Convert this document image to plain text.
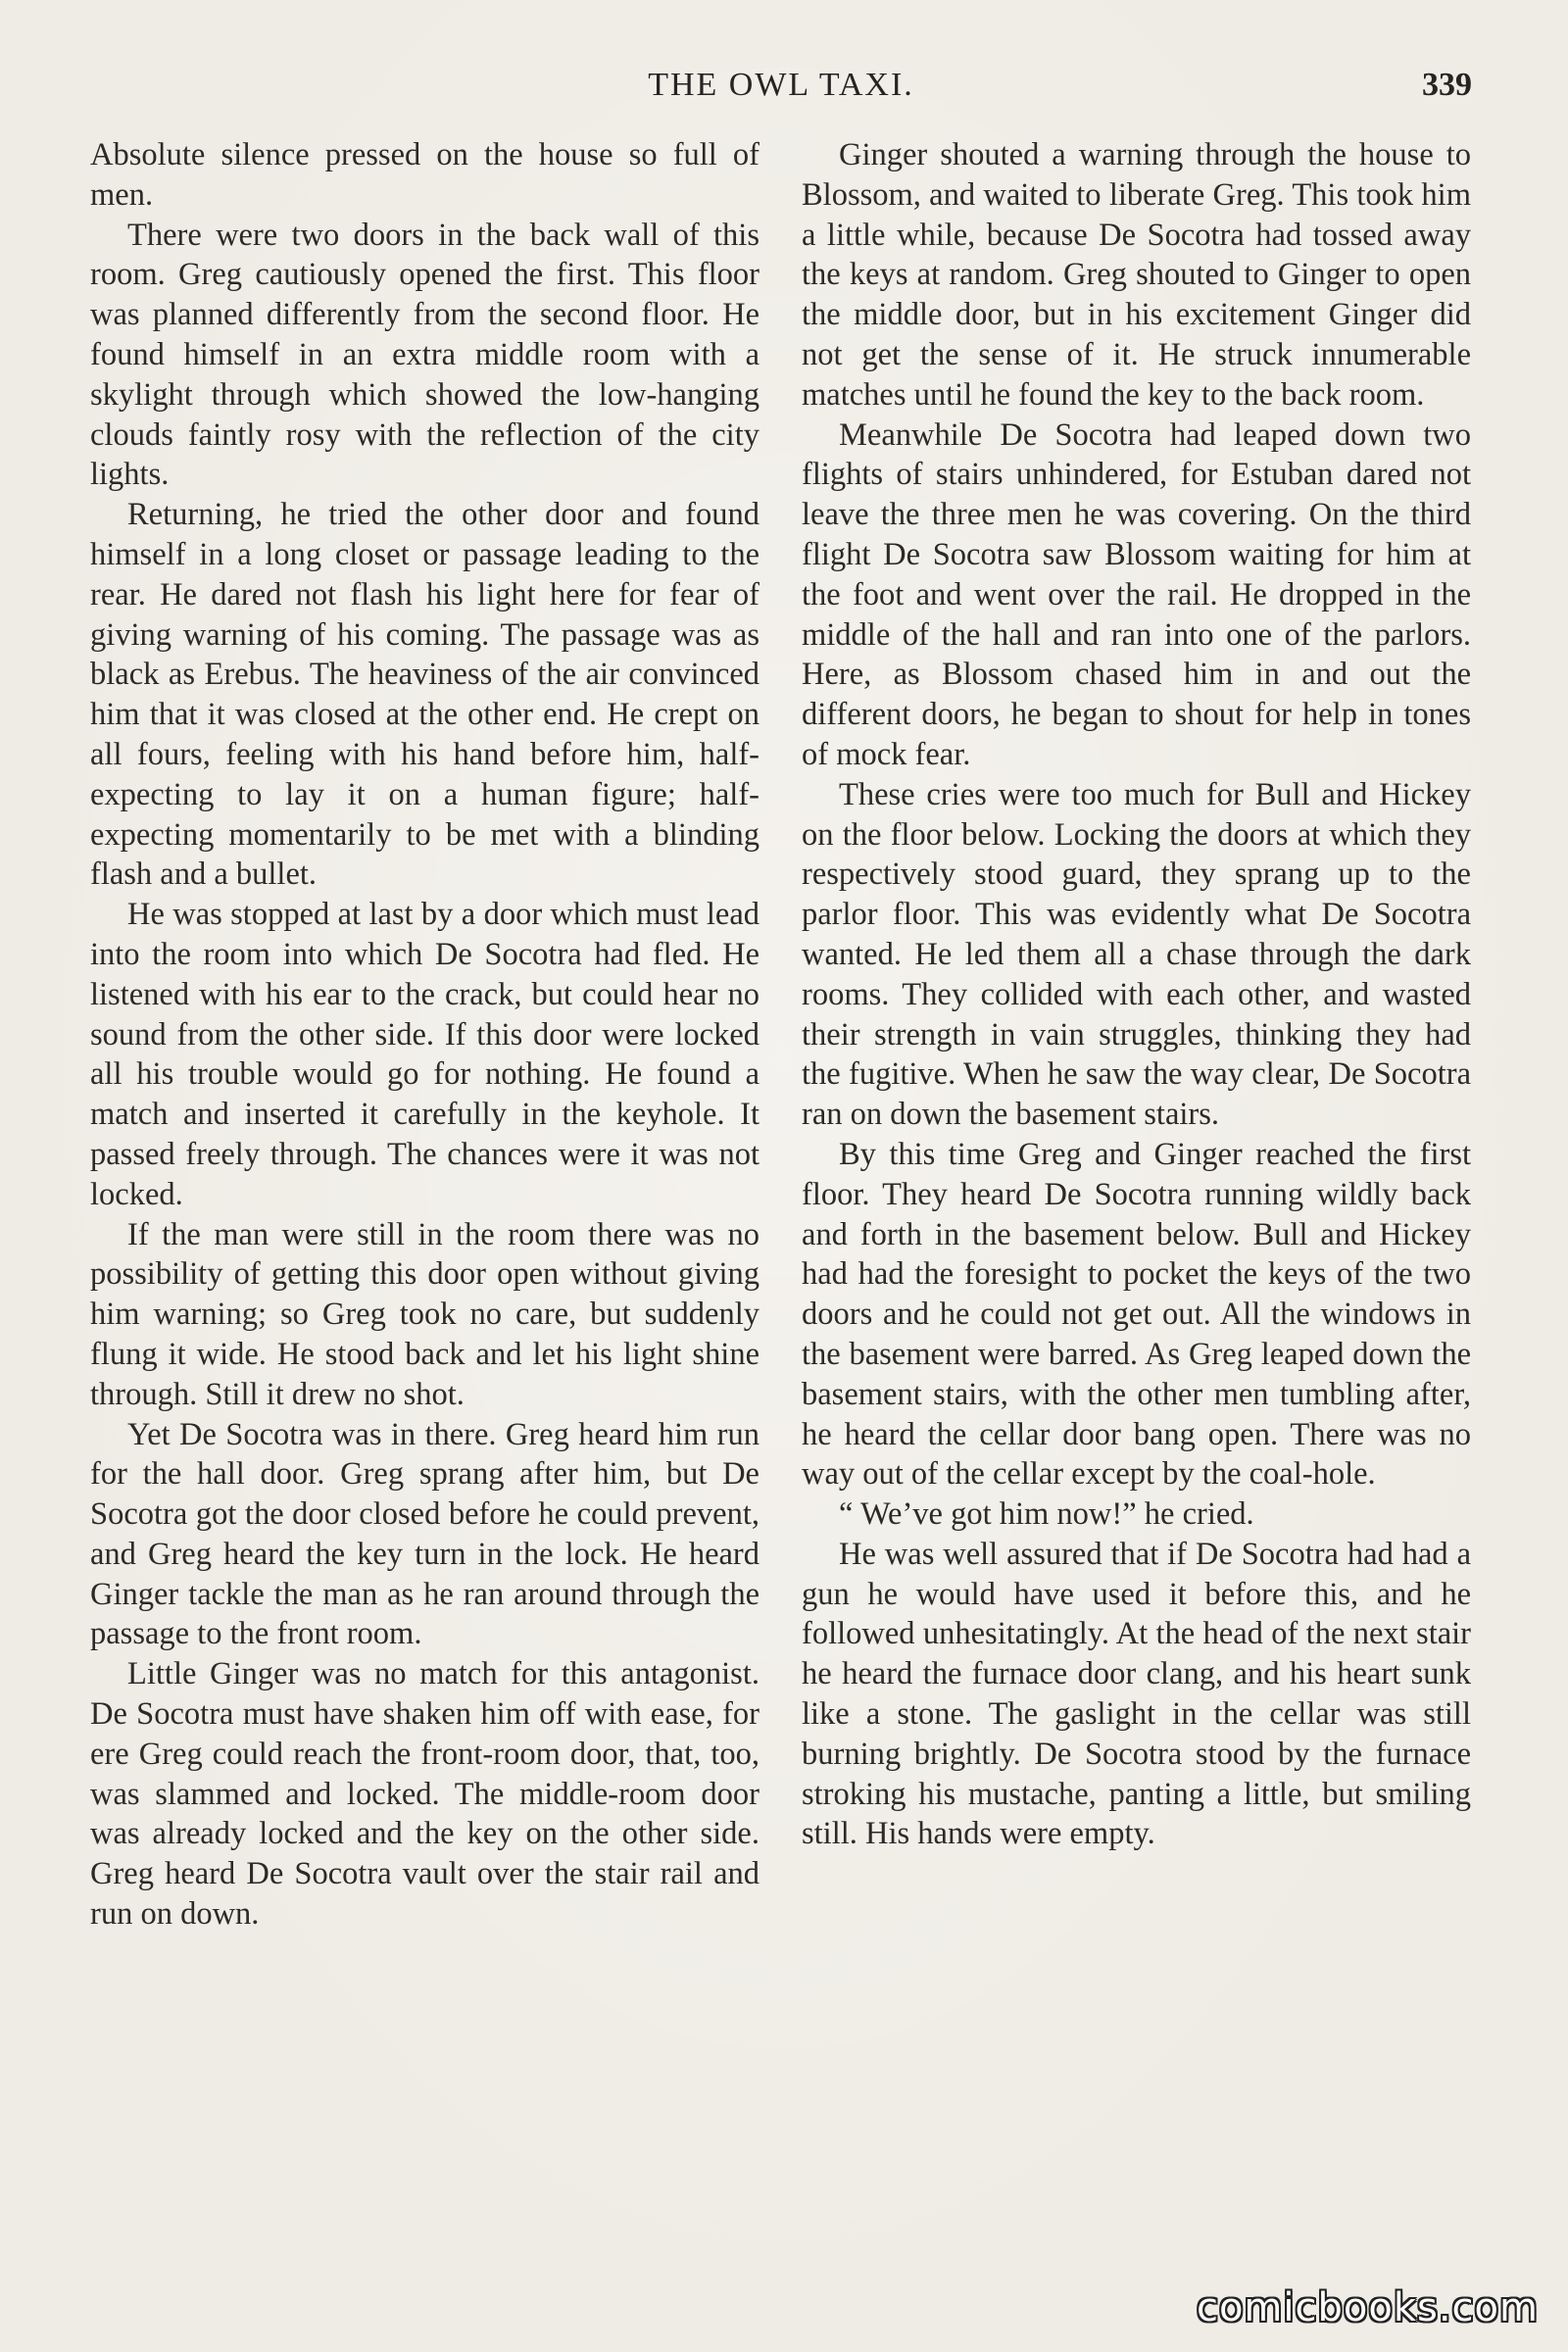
THE OWL TAXI.	339

Absolute silence pressed on the house so full of men.

There were two doors in the back wall of this room. Greg cautiously opened the first. This floor was planned differently from the second floor. He found himself in an extra middle room with a skylight through which showed the low-hanging clouds faintly rosy with the reflection of the city lights.

Returning, he tried the other door and found himself in a long closet or passage leading to the rear. He dared not flash his light here for fear of giving warning of his coming. The passage was as black as Erebus. The heaviness of the air convinced him that it was closed at the other end. He crept on all fours, feeling with his hand before him, half-expecting to lay it on a human figure; half-expecting momentarily to be met with a blinding flash and a bullet.

He was stopped at last by a door which must lead into the room into which De Socotra had fled. He listened with his ear to the crack, but could hear no sound from the other side. If this door were locked all his trouble would go for nothing. He found a match and inserted it carefully in the keyhole. It passed freely through. The chances were it was not locked.

If the man were still in the room there was no possibility of getting this door open without giving him warning; so Greg took no care, but suddenly flung it wide. He stood back and let his light shine through. Still it drew no shot.

Yet De Socotra was in there. Greg heard him run for the hall door. Greg sprang after him, but De Socotra got the door closed before he could prevent, and Greg heard the key turn in the lock. He heard Ginger tackle the man as he ran around through the passage to the front room.

Little Ginger was no match for this antagonist. De Socotra must have shaken him off with ease, for ere Greg could reach the front-room door, that, too, was slammed and locked. The middle-room door was already locked and the key on the other side. Greg heard De Socotra vault over the stair rail and run on down.

Ginger shouted a warning through the house to Blossom, and waited to liberate Greg. This took him a little while, because De Socotra had tossed away the keys at random. Greg shouted to Ginger to open the middle door, but in his excitement Ginger did not get the sense of it. He struck innumerable matches until he found the key to the back room.

Meanwhile De Socotra had leaped down two flights of stairs unhindered, for Estuban dared not leave the three men he was covering. On the third flight De Socotra saw Blossom waiting for him at the foot and went over the rail. He dropped in the middle of the hall and ran into one of the parlors. Here, as Blossom chased him in and out the different doors, he began to shout for help in tones of mock fear.

These cries were too much for Bull and Hickey on the floor below. Locking the doors at which they respectively stood guard, they sprang up to the parlor floor. This was evidently what De Socotra wanted. He led them all a chase through the dark rooms. They collided with each other, and wasted their strength in vain struggles, thinking they had the fugitive. When he saw the way clear, De Socotra ran on down the basement stairs.

By this time Greg and Ginger reached the first floor. They heard De Socotra running wildly back and forth in the basement below. Bull and Hickey had had the foresight to pocket the keys of the two doors and he could not get out. All the windows in the basement were barred. As Greg leaped down the basement stairs, with the other men tumbling after, he heard the cellar door bang open. There was no way out of the cellar except by the coal-hole.

“ We’ve got him now!” he cried.

He was well assured that if De Socotra had had a gun he would have used it before this, and he followed unhesitatingly. At the head of the next stair he heard the furnace door clang, and his heart sunk like a stone. The gaslight in the cellar was still burning brightly. De Socotra stood by the furnace stroking his mustache, panting a little, but smiling still. His hands were empty.

comicbooks.com
